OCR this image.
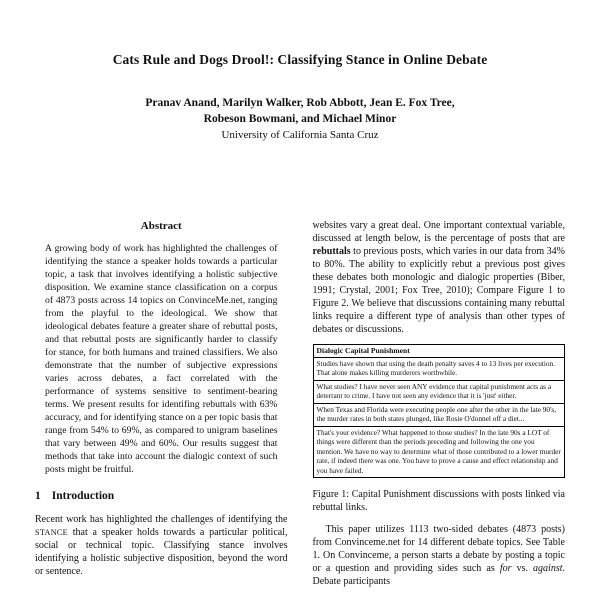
Cats Rule and Dogs Drool!: Classifying Stance in Online Debate
Pranav Anand, Marilyn Walker, Rob Abbott, Jean E. Fox Tree,
Robeson Bowmani, and Michael Minor
University of California Santa Cruz
Abstract

A growing body of work has highlighted the challenges of identifying the stance a speaker holds towards a particular topic, a task that involves identifying a holistic subjective disposition. We examine stance classification on a corpus of 4873 posts across 14 topics on ConvinceMe.net, ranging from the playful to the ideological. We show that ideological debates feature a greater share of rebuttal posts, and that rebuttal posts are significantly harder to classify for stance, for both humans and trained classifiers. We also demonstrate that the number of subjective expressions varies across debates, a fact correlated with the performance of systems sensitive to sentiment-bearing terms. We present results for identifing rebuttals with 63% accuracy, and for identifying stance on a per topic basis that range from 54% to 69%, as compared to unigram baselines that vary between 49% and 60%. Our results suggest that methods that take into account the dialogic context of such posts might be fruitful.

1 Introduction

Recent work has highlighted the challenges of identifying the STANCE that a speaker holds towards a particular political, social or technical topic. Classifying stance involves identifying a holistic subjective disposition, beyond the word or sentence.

websites vary a great deal. One important contextual variable, discussed at length below, is the percentage of posts that are rebuttals to previous posts, which varies in our data from 34% to 80%. The ability to explicitly rebut a previous post gives these debates both monologic and dialogic properties (Biber, 1991; Crystal, 2001; Fox Tree, 2010); Compare Figure 1 to Figure 2. We believe that discussions containing many rebuttal links require a different type of analysis than other types of debates or discussions.

Dialogic Capital Punishment
Studies have shown that using the death penalty saves 4 to 13 lives per execution. That alone makes killing murderers worthwhile.
What studies? I have never seen ANY evidence that capital punishment acts as a deterrant to crime. I have not seen any evidence that it is 'just' either.
When Texas and Florida were executing people one after the other in the late 90's, the murder rates in both states plunged, like Rosie O'donnel off a diet...
That's your evidence? What happened to those studies? In the late 90s a LOT of things were different than the periods preceding and following the one you mention. We have no way to determine what of those contributed to a lower murder rate, if indeed there was one. You have to prove a cause and effect relationship and you have failed.

Figure 1: Capital Punishment discussions with posts linked via rebuttal links.

This paper utilizes 1113 two-sided debates (4873 posts) from Convinceme.net for 14 different debate topics. See Table 1. On Convinceme, a person starts a debate by posting a topic or a question and providing sides such as for vs. against. Debate participants
